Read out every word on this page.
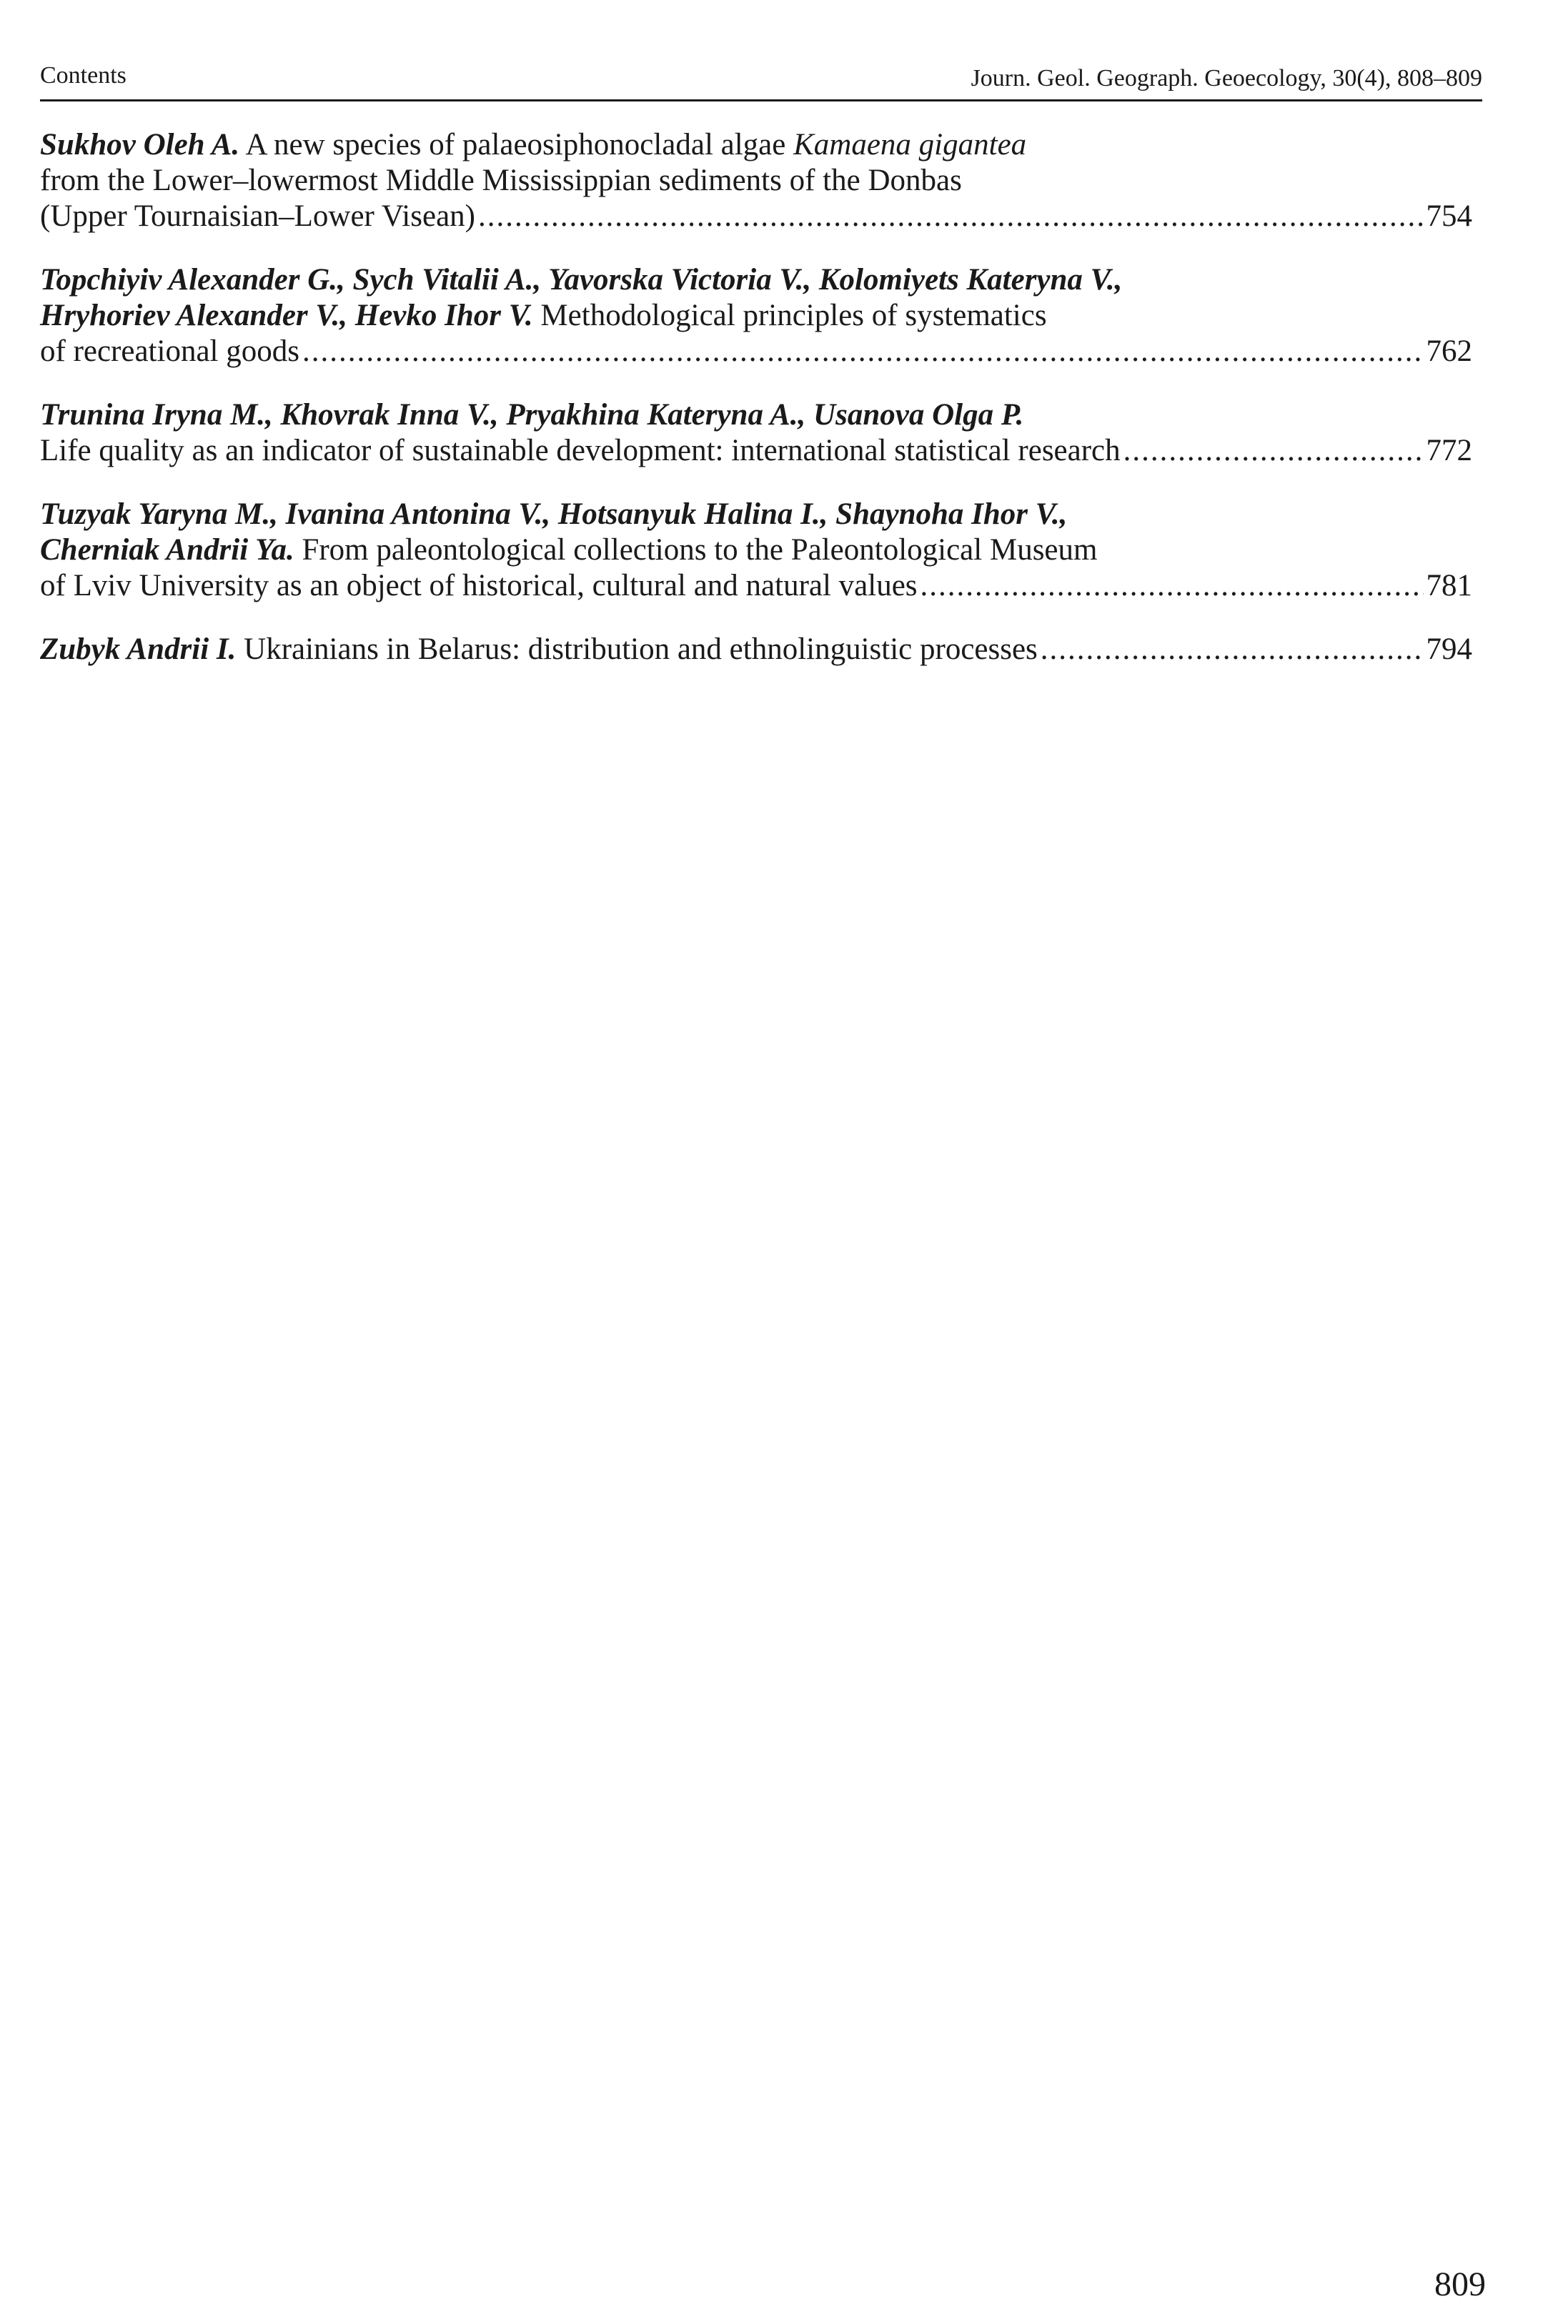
Contents	Journ. Geol. Geograph. Geoecology, 30(4), 808–809
Sukhov Oleh A. A new species of palaeosiphonocladal algae Kamaena gigantea
from the Lower–lowermost Middle Mississippian sediments of the Donbas
(Upper Tournaisian–Lower Visean) .....	754
Topchiyiv Alexander G., Sych Vitalii A., Yavorska Victoria V., Kolomiyets Kateryna V.,
Hryhoriev Alexander V., Hevko Ihor V. Methodological principles of systematics
of recreational goods .....	762
Trunina Iryna M., Khovrak Inna V., Pryakhina Kateryna A., Usanova Olga P.
Life quality as an indicator of sustainable development: international statistical research .....	772
Tuzyak Yaryna M., Ivanina Antonina V., Hotsanyuk Halina I., Shaynoha Ihor V.,
Cherniak Andrii Ya. From paleontological collections to the Paleontological Museum
of Lviv University as an object of historical, cultural and natural values .....	781
Zubyk Andrii I. Ukrainians in Belarus: distribution and ethnolinguistic processes .....	794
809
